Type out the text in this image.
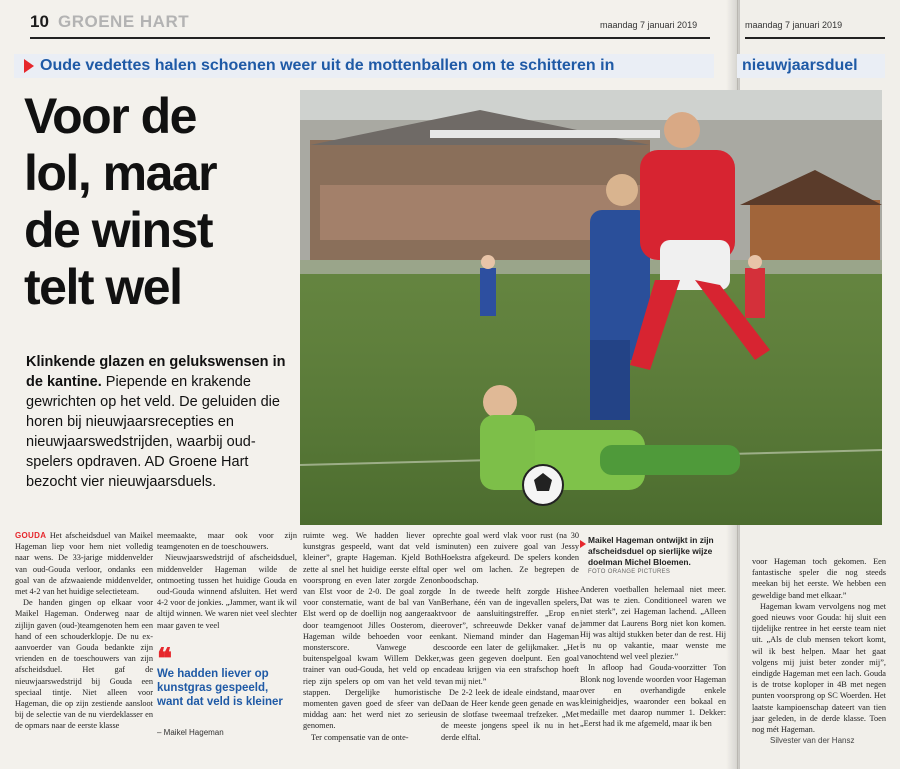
10 GROENE HART	maandag 7 januari 2019	maandag 7 januari 2019
Oude vedettes halen schoenen weer uit de mottenballen om te schitteren in	nieuwjaarsduel
Voor de
lol, maar
de winst
telt wel
Klinkende glazen en gelukswensen in de kantine. Piepende en krakende gewrichten op het veld. De geluiden die horen bij nieuwjaarsrecepties en nieuwjaarswedstrijden, waarbij oud-spelers opdraven. AD Groene Hart bezocht vier nieuwjaarsduels.

GOUDA Het afscheidsduel van Maikel Hageman liep voor hem niet volledig naar wens. De 33-jarige middenvelder van oud-Gouda verloor, ondanks een goal van de afzwaaiende middenvelder, met 4-2 van het huidige selectieteam.

De handen gingen op elkaar voor Maikel Hageman. Onderweg naar de zijlijn gaven (oud-)teamgenoten hem een hand of een schouderklopje. De nu ex-aanvoerder van Gouda bedankte zijn vrienden en de toeschouwers van zijn afscheidsduel. Het gaf de nieuwjaarswedstrijd bij Gouda een speciaal tintje. Niet alleen voor Hageman, die op zijn zestiende aansloot bij de selectie van de nu vierdeklasser en de opmars naar de eerste klasse

meemaakte, maar ook voor zijn teamgenoten en de toeschouwers.

Nieuwjaarswedstrijd of afscheidsduel, middenvelder Hageman wilde de ontmoeting tussen het huidige Gouda en oud-Gouda winnend afsluiten. Het werd 4-2 voor de jonkies. „Jammer, want ik wil altijd winnen. We waren niet veel slechter maar gaven te veel

❝
We hadden liever op kunstgras gespeeld, want dat veld is kleiner
– Maikel Hageman

ruimte weg. We hadden liever op kunstgras gespeeld, want dat veld is kleiner”, grapte Hageman. Kjeld Both zette al snel het huidige eerste elftal op voorsprong en even later zorgde Zenon van Elst voor de 2-0. De goal zorgde voor consternatie, want de bal van Van Elst werd op de doellijn nog aangeraakt door teamgenoot Jilles Oosterom, die Hageman wilde behoeden voor een monsterscore. Vanwege de buitenspelgoal kwam Willem Dekker, trainer van oud-Gouda, het veld op en riep zijn spelers op om van het veld te stappen. Dergelijke humoristische momenten gaven goed de sfeer van de middag aan: het werd niet zo serieus genomen.

Ter compensatie van de onte-

rechte goal werd vlak voor rust (na 30 minuten) een zuivere goal van Jessy Hoekstra afgekeurd. De spelers konden er wel om lachen. Ze begrepen de boodschap.

In de tweede helft zorgde Hishee Berhane, één van de ingevallen spelers, voor de aansluitingstreffer. „Erop en erover”, schreeuwde Dekker vanaf de kant. Niemand minder dan Hageman scoorde een later de gelijkmaker. „Het was geen gegeven doelpunt. Een goal cadeau krijgen via een strafschop hoeft van mij niet.”

De 2-2 leek de ideale eindstand, maar Daan de Heer kende geen genade en was in de slotfase tweemaal trefzeker. „Met de meeste jongens speel ik nu in het derde elftal.

Maikel Hageman ontwijkt in zijn afscheidsduel op sierlijke wijze doelman Michel Bloemen.
FOTO ORANGE PICTURES

Anderen voetballen helemaal niet meer. Dat was te zien. Conditioneel waren we niet sterk”, zei Hageman lachend. „Alleen jammer dat Laurens Borg niet kon komen. Hij was altijd stukken beter dan de rest. Hij is nu op vakantie, maar wenste me vanochtend wel veel plezier.”

In afloop had Gouda-voorzitter Ton Blonk nog lovende woorden voor Hageman over en overhandigde enkele kleinigheidjes, waaronder een bokaal en medaille met daarop nummer 1. Dekker: „Eerst had ik me afgemeld, maar ik ben

voor Hageman toch gekomen. Een fantastische speler die nog steeds meekan bij het eerste. We hebben een geweldige band met elkaar.”

Hageman kwam vervolgens nog met goed nieuws voor Gouda: hij sluit een tijdelijke rentree in het eerste team niet uit. „Als de club mensen tekort komt, wil ik best helpen. Maar het gaat volgens mij juist beter zonder mij”, eindigde Hageman met een lach. Gouda is de trotse koploper in 4B met negen punten voorsprong op SC Woerden. Het laatste kampioenschap dateert van tien jaar geleden, in de derde klasse. Toen nog mét Hageman.

Silvester van der Hansz
